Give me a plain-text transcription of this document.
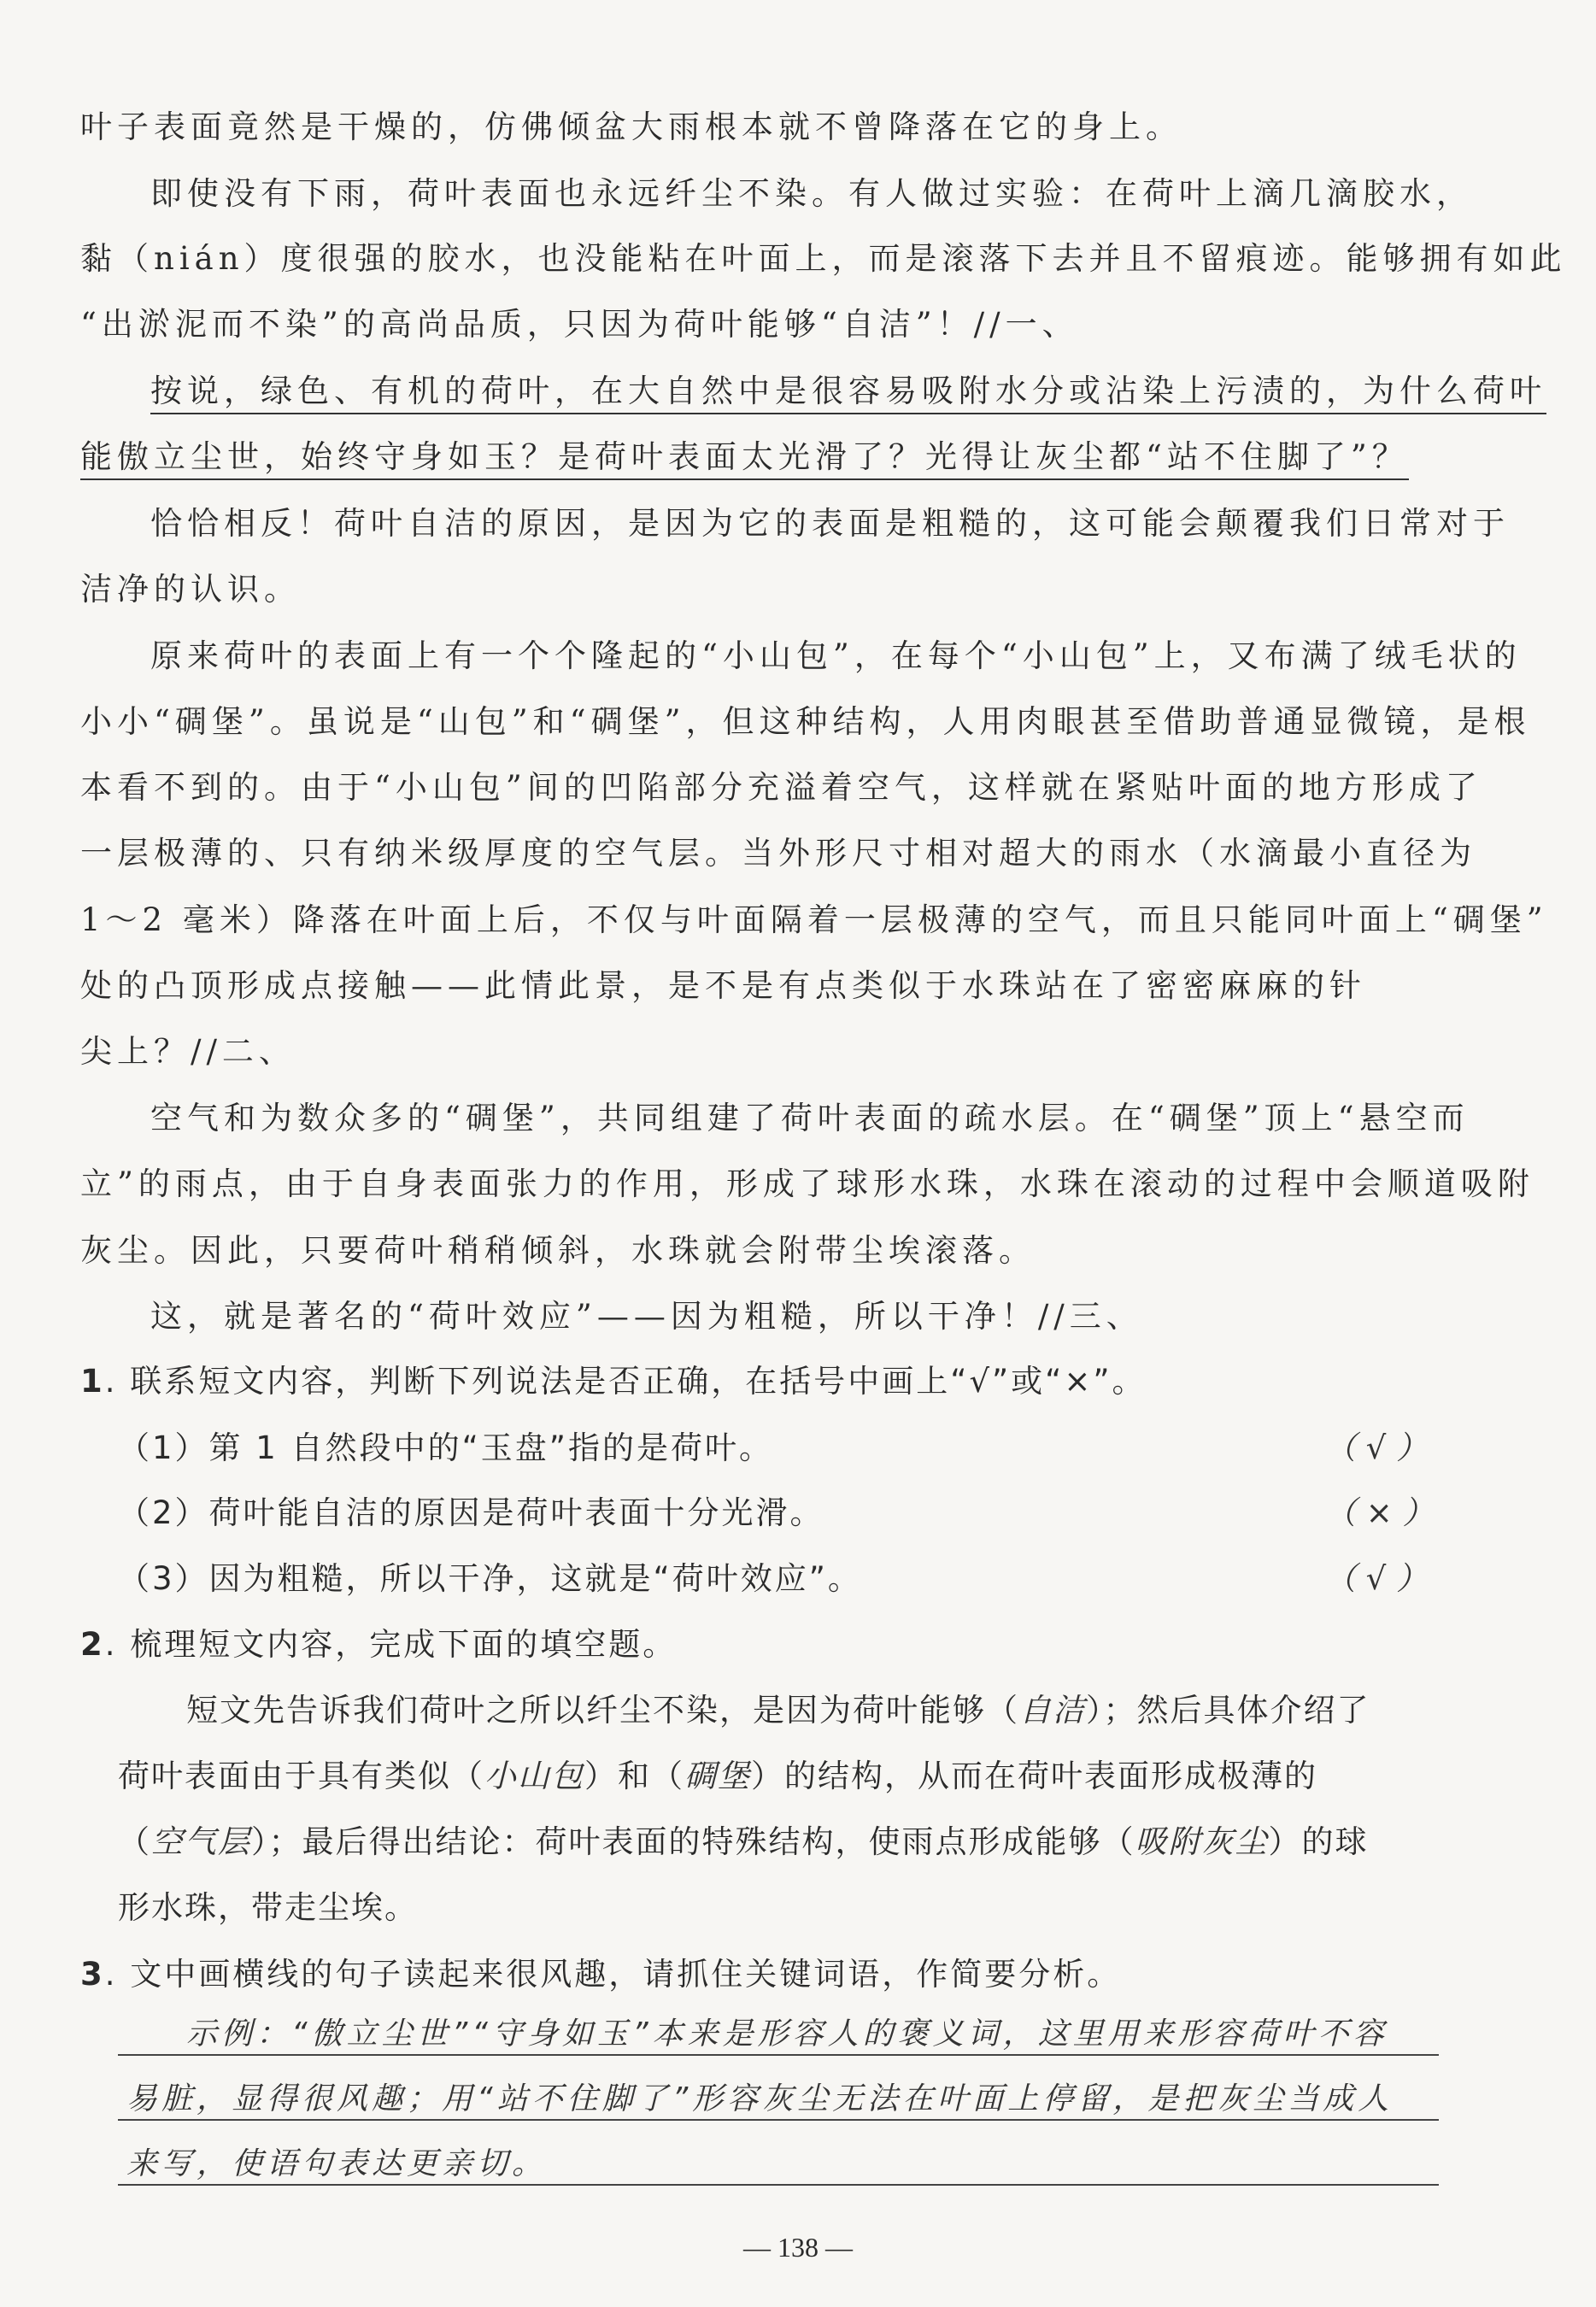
叶子表面竟然是干燥的，仿佛倾盆大雨根本就不曾降落在它的身上。
即使没有下雨，荷叶表面也永远纤尘不染。有人做过实验：在荷叶上滴几滴胶水，
黏（nián）度很强的胶水，也没能粘在叶面上，而是滚落下去并且不留痕迹。能够拥有如此
“出淤泥而不染”的高尚品质，只因为荷叶能够“自洁”！//一、
按说，绿色、有机的荷叶，在大自然中是很容易吸附水分或沾染上污渍的，为什么荷叶
能傲立尘世，始终守身如玉？是荷叶表面太光滑了？光得让灰尘都“站不住脚了”？
恰恰相反！荷叶自洁的原因，是因为它的表面是粗糙的，这可能会颠覆我们日常对于
洁净的认识。
原来荷叶的表面上有一个个隆起的“小山包”，在每个“小山包”上，又布满了绒毛状的
小小“碉堡”。虽说是“山包”和“碉堡”，但这种结构，人用肉眼甚至借助普通显微镜，是根
本看不到的。由于“小山包”间的凹陷部分充溢着空气，这样就在紧贴叶面的地方形成了
一层极薄的、只有纳米级厚度的空气层。当外形尺寸相对超大的雨水（水滴最小直径为
1～2 毫米）降落在叶面上后，不仅与叶面隔着一层极薄的空气，而且只能同叶面上“碉堡”
处的凸顶形成点接触——此情此景，是不是有点类似于水珠站在了密密麻麻的针
尖上？//二、
空气和为数众多的“碉堡”，共同组建了荷叶表面的疏水层。在“碉堡”顶上“悬空而
立”的雨点，由于自身表面张力的作用，形成了球形水珠，水珠在滚动的过程中会顺道吸附
灰尘。因此，只要荷叶稍稍倾斜，水珠就会附带尘埃滚落。
这，就是著名的“荷叶效应”——因为粗糙，所以干净！//三、
1. 联系短文内容，判断下列说法是否正确，在括号中画上“√”或“×”。
（1）第 1 自然段中的“玉盘”指的是荷叶。	（ √ ）
（2）荷叶能自洁的原因是荷叶表面十分光滑。	（ × ）
（3）因为粗糙，所以干净，这就是“荷叶效应”。	（ √ ）
2. 梳理短文内容，完成下面的填空题。
短文先告诉我们荷叶之所以纤尘不染，是因为荷叶能够（自洁）；然后具体介绍了
荷叶表面由于具有类似（小山包）和（碉堡）的结构，从而在荷叶表面形成极薄的
（空气层）；最后得出结论：荷叶表面的特殊结构，使雨点形成能够（吸附灰尘）的球
形水珠，带走尘埃。
3. 文中画横线的句子读起来很风趣，请抓住关键词语，作简要分析。
示例：“傲立尘世”“守身如玉”本来是形容人的褒义词，这里用来形容荷叶不容
易脏，显得很风趣；用“站不住脚了”形容灰尘无法在叶面上停留，是把灰尘当成人
来写，使语句表达更亲切。
— 138 —
